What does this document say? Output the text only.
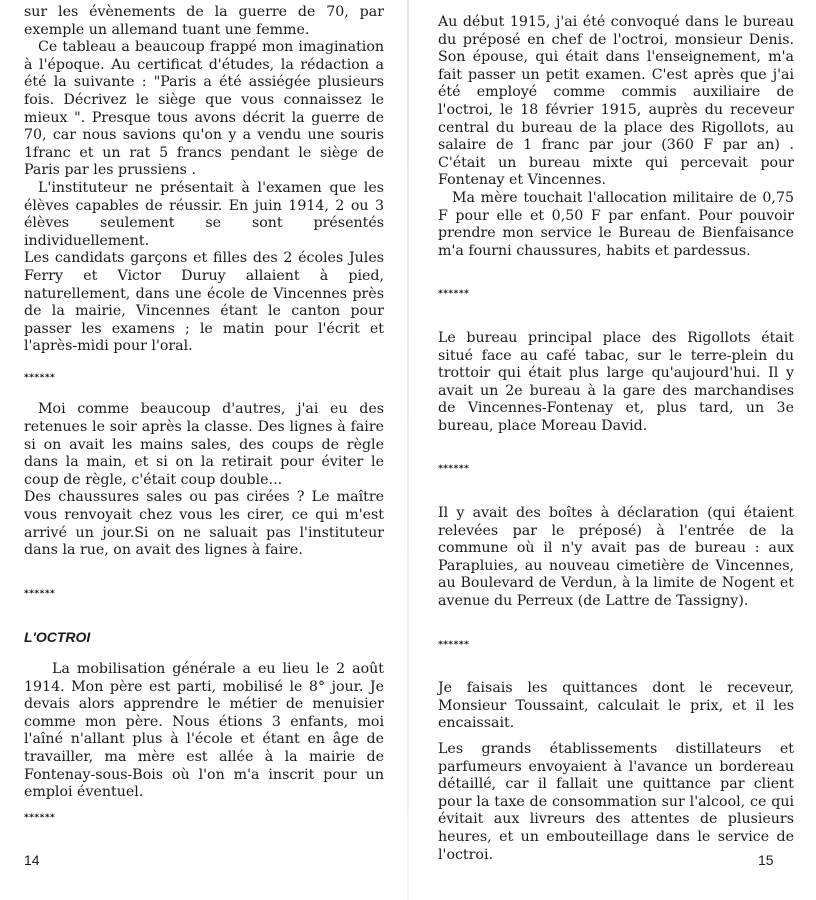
sur les évènements de la guerre de 70, par exemple un allemand tuant une femme.

Ce tableau a beaucoup frappé mon imagination à l'époque. Au certificat d'études, la rédaction a été la suivante : "Paris a été assiégée plusieurs fois. Décrivez le siège que vous connaissez le mieux ". Presque tous avons décrit la guerre de 70, car nous savions qu'on y a vendu une souris 1franc et un rat 5 francs pendant le siège de Paris par les prussiens .

L'instituteur ne présentait à l'examen que les élèves capables de réussir. En juin 1914, 2 ou 3 élèves seulement se sont présentés individuellement.

Les candidats garçons et filles des 2 écoles Jules Ferry et Victor Duruy allaient à pied, naturellement, dans une école de Vincennes près de la mairie, Vincennes étant le canton pour passer les examens ; le matin pour l'écrit et l'après-midi pour l'oral.

******

Moi comme beaucoup d'autres, j'ai eu des retenues le soir après la classe. Des lignes à faire si on avait les mains sales, des coups de règle dans la main, et si on la retirait pour éviter le coup de règle, c'était coup double...

Des chaussures sales ou pas cirées ? Le maître vous renvoyait chez vous les cirer, ce qui m'est arrivé un jour.Si on ne saluait pas l'instituteur dans la rue, on avait des lignes à faire.

******

L'OCTROI

La mobilisation générale a eu lieu le 2 août 1914. Mon père est parti, mobilisé le 8° jour. Je devais alors apprendre le métier de menuisier comme mon père. Nous étions 3 enfants, moi l'aîné n'allant plus à l'école et étant en âge de travailler, ma mère est allée à la mairie de Fontenay-sous-Bois où l'on m'a inscrit pour un emploi éventuel.

******

14

Au début 1915, j'ai été convoqué dans le bureau du préposé en chef de l'octroi, monsieur Denis. Son épouse, qui était dans l'enseignement, m'a fait passer un petit examen. C'est après que j'ai été employé comme commis auxiliaire de l'octroi, le 18 février 1915, auprès du receveur central du bureau de la place des Rigollots, au salaire de 1 franc par jour (360 F par an) . C'était un bureau mixte qui percevait pour Fontenay et Vincennes.

Ma mère touchait l'allocation militaire de 0,75 F pour elle et 0,50 F par enfant. Pour pouvoir prendre mon service le Bureau de Bienfaisance m'a fourni chaussures, habits et pardessus.

******

Le bureau principal place des Rigollots était situé face au café tabac, sur le terre-plein du trottoir qui était plus large qu'aujourd'hui. Il y avait un 2e bureau à la gare des marchandises de Vincennes-Fontenay et, plus tard, un 3e bureau, place Moreau David.

******

Il y avait des boîtes à déclaration (qui étaient relevées par le préposé) à l'entrée de la commune où il n'y avait pas de bureau : aux Parapluies, au nouveau cimetière de Vincennes, au Boulevard de Verdun, à la limite de Nogent et avenue du Perreux (de Lattre de Tassigny).

******

Je faisais les quittances dont le receveur, Monsieur Toussaint, calculait le prix, et il les encaissait.

Les grands établissements distillateurs et parfumeurs envoyaient à l'avance un bordereau détaillé, car il fallait une quittance par client pour la taxe de consommation sur l'alcool, ce qui évitait aux livreurs des attentes de plusieurs heures, et un embouteillage dans le service de l'octroi.	15
